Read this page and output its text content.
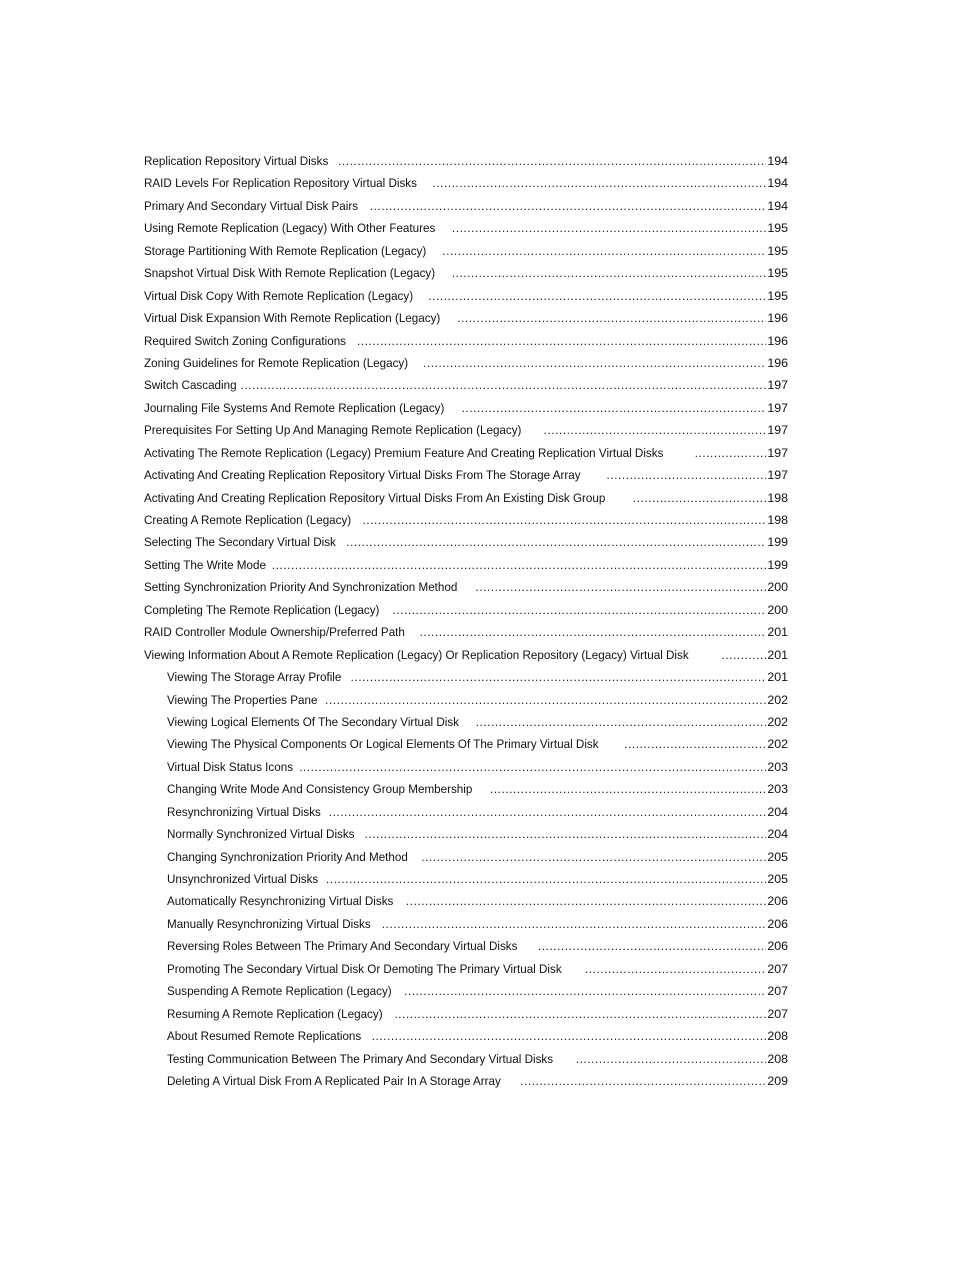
Replication Repository Virtual Disks .....	194
RAID Levels For Replication Repository Virtual Disks .....	194
Primary And Secondary Virtual Disk Pairs .....	194
Using Remote Replication (Legacy) With Other Features .....	195
Storage Partitioning With Remote Replication (Legacy) .....	195
Snapshot Virtual Disk With Remote Replication (Legacy) .....	195
Virtual Disk Copy With Remote Replication (Legacy) .....	195
Virtual Disk Expansion With Remote Replication (Legacy) .....	196
Required Switch Zoning Configurations .....	196
Zoning Guidelines for Remote Replication (Legacy) .....	196
Switch Cascading .....	197
Journaling File Systems And Remote Replication (Legacy) .....	197
Prerequisites For Setting Up And Managing Remote Replication (Legacy) .....	197
Activating The Remote Replication (Legacy) Premium Feature And Creating Replication Virtual Disks .....	197
Activating And Creating Replication Repository Virtual Disks From The Storage Array .....	197
Activating And Creating Replication Repository Virtual Disks From An Existing Disk Group .....	198
Creating A Remote Replication (Legacy) .....	198
Selecting The Secondary Virtual Disk .....	199
Setting The Write Mode .....	199
Setting Synchronization Priority And Synchronization Method .....	200
Completing The Remote Replication (Legacy) .....	200
RAID Controller Module Ownership/Preferred Path .....	201
Viewing Information About A Remote Replication (Legacy) Or Replication Repository (Legacy) Virtual Disk .....	201
Viewing The Storage Array Profile .....	201
Viewing The Properties Pane .....	202
Viewing Logical Elements Of The Secondary Virtual Disk .....	202
Viewing The Physical Components Or Logical Elements Of The Primary Virtual Disk .....	202
Virtual Disk Status Icons .....	203
Changing Write Mode And Consistency Group Membership .....	203
Resynchronizing Virtual Disks .....	204
Normally Synchronized Virtual Disks .....	204
Changing Synchronization Priority And Method .....	205
Unsynchronized Virtual Disks .....	205
Automatically Resynchronizing Virtual Disks .....	206
Manually Resynchronizing Virtual Disks .....	206
Reversing Roles Between The Primary And Secondary Virtual Disks .....	206
Promoting The Secondary Virtual Disk Or Demoting The Primary Virtual Disk .....	207
Suspending A Remote Replication (Legacy) .....	207
Resuming A Remote Replication (Legacy) .....	207
About Resumed Remote Replications .....	208
Testing Communication Between The Primary And Secondary Virtual Disks .....	208
Deleting A Virtual Disk From A Replicated Pair In A Storage Array .....	209
